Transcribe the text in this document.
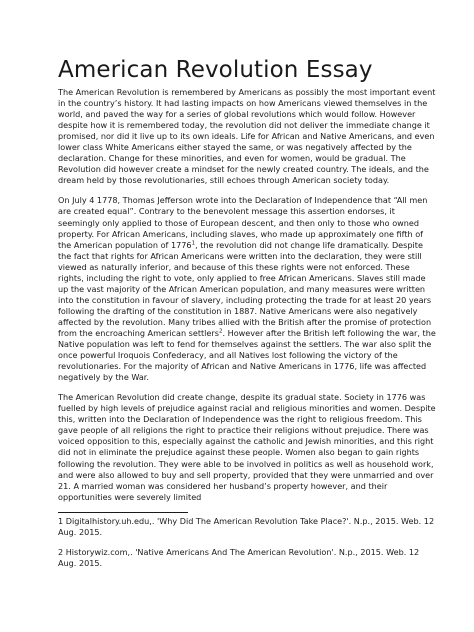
American Revolution Essay

The American Revolution is remembered by Americans as possibly the most important event in the country’s history. It had lasting impacts on how Americans viewed themselves in the world, and paved the way for a series of global revolutions which would follow. However despite how it is remembered today, the revolution did not deliver the immediate change it promised, nor did it live up to its own ideals. Life for African and Native Americans, and even lower class White Americans either stayed the same, or was negatively affected by the declaration. Change for these minorities, and even for women, would be gradual. The Revolution did however create a mindset for the newly created country. The ideals, and the dream held by those revolutionaries, still echoes through American society today.

On July 4 1778, Thomas Jefferson wrote into the Declaration of Independence that “All men are created equal”. Contrary to the benevolent message this assertion endorses, it seemingly only applied to those of European descent, and then only to those who owned property. For African Americans, including slaves, who made up approximately one fifth of the American population of 1776$^1$, the revolution did not change life dramatically. Despite the fact that rights for African Americans were written into the declaration, they were still viewed as naturally inferior, and because of this these rights were not enforced. These rights, including the right to vote, only applied to free African Americans. Slaves still made up the vast majority of the African American population, and many measures were written into the constitution in favour of slavery, including protecting the trade for at least 20 years following the drafting of the constitution in 1887. Native Americans were also negatively affected by the revolution. Many tribes allied with the British after the promise of protection from the encroaching American settlers$^2$. However after the British left following the war, the Native population was left to fend for themselves against the settlers. The war also split the once powerful Iroquois Confederacy, and all Natives lost following the victory of the revolutionaries. For the majority of African and Native Americans in 1776, life was affected negatively by the War.

The American Revolution did create change, despite its gradual state. Society in 1776 was fuelled by high levels of prejudice against racial and religious minorities and women. Despite this, written into the Declaration of Independence was the right to religious freedom. This gave people of all religions the right to practice their religions without prejudice. There was voiced opposition to this, especially against the catholic and Jewish minorities, and this right did not in eliminate the prejudice against these people. Women also began to gain rights following the revolution. They were able to be involved in politics as well as household work, and were also allowed to buy and sell property, provided that they were unmarried and over 21. A married woman was considered her husband’s property however, and their opportunities were severely limited

1 Digitalhistory.uh.edu,. 'Why Did The American Revolution Take Place?'. N.p., 2015. Web. 12 Aug. 2015.

2 Historywiz.com,. 'Native Americans And The American Revolution'. N.p., 2015. Web. 12 Aug. 2015.
